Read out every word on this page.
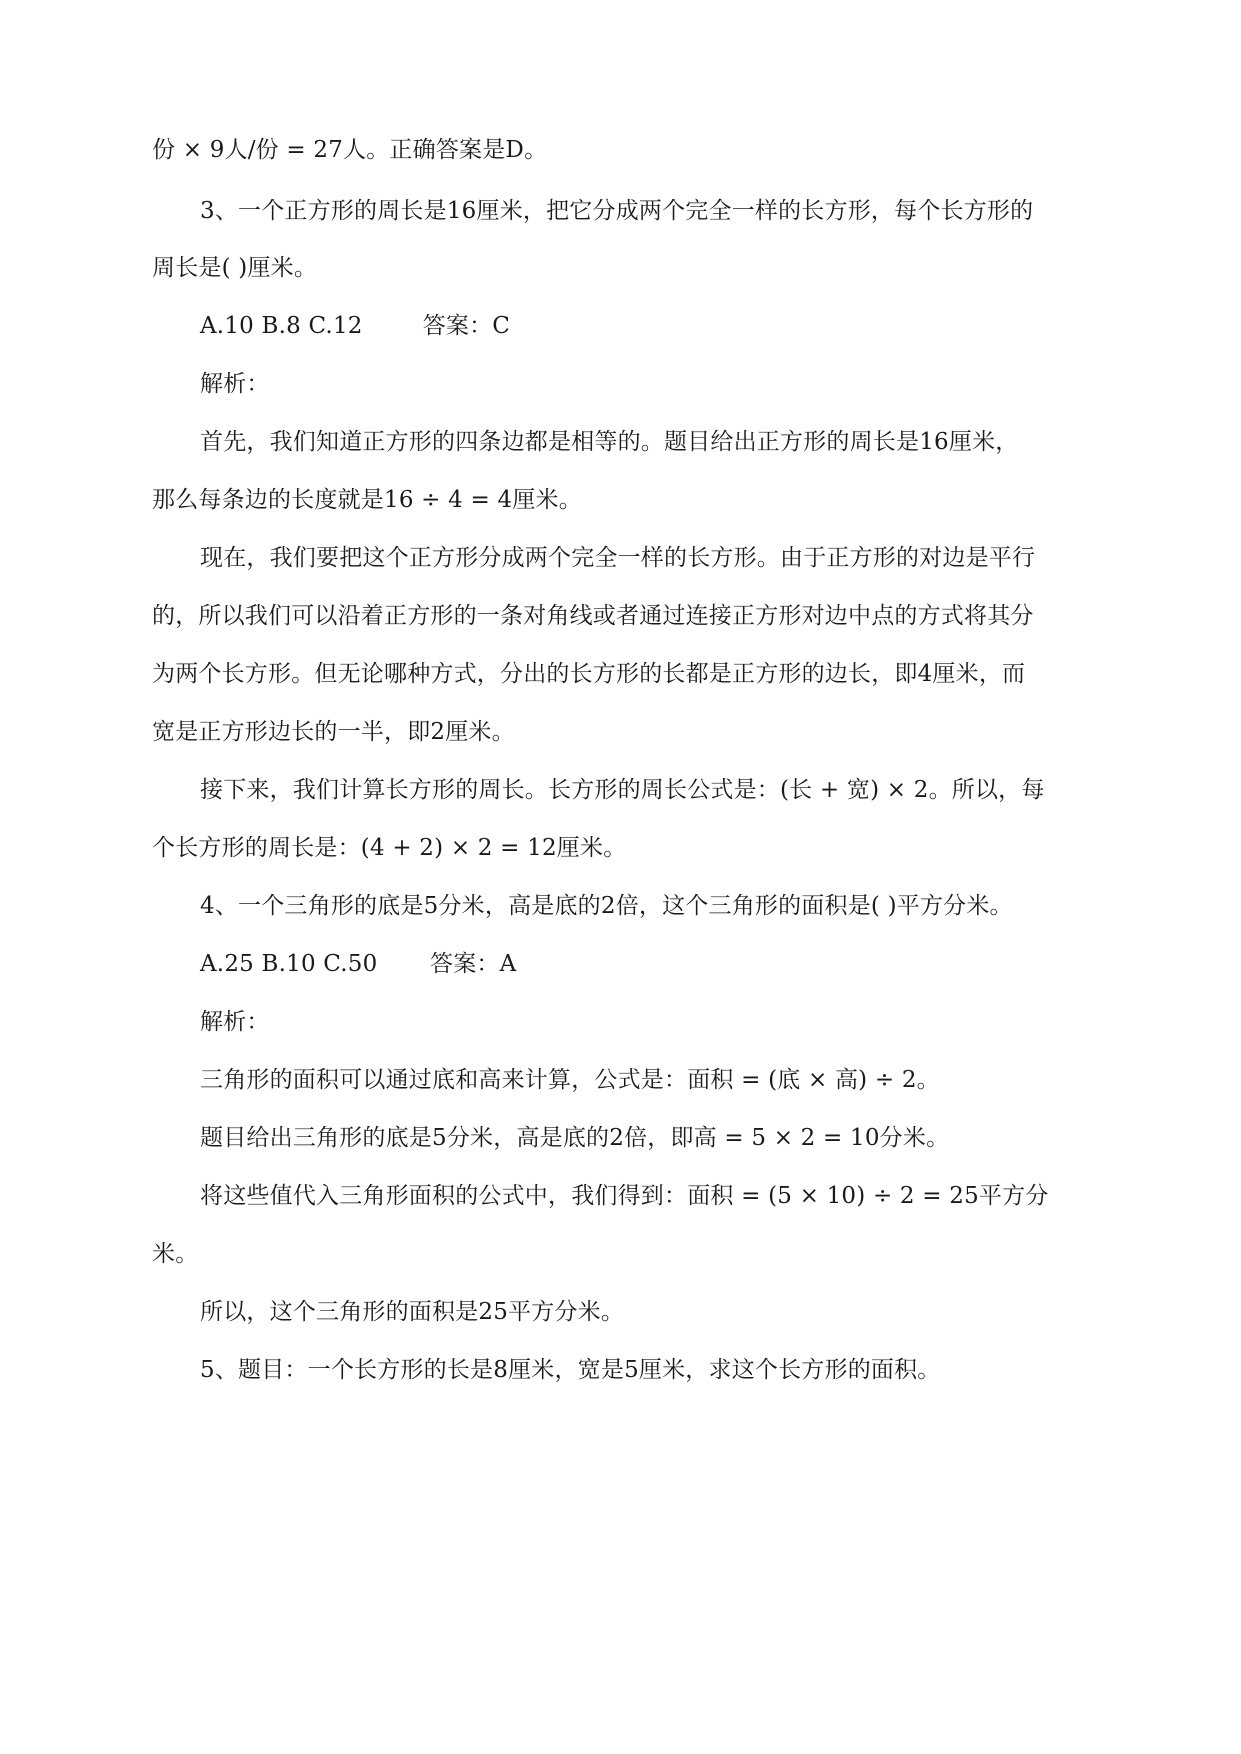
份 × 9人/份 = 27人。正确答案是D。
3、一个正方形的周长是16厘米，把它分成两个完全一样的长方形，每个长方形的
周长是( )厘米。
A.10 B.8 C.12        答案：C
解析：
首先，我们知道正方形的四条边都是相等的。题目给出正方形的周长是16厘米，
那么每条边的长度就是16 ÷ 4 = 4厘米。
现在，我们要把这个正方形分成两个完全一样的长方形。由于正方形的对边是平行
的，所以我们可以沿着正方形的一条对角线或者通过连接正方形对边中点的方式将其分
为两个长方形。但无论哪种方式，分出的长方形的长都是正方形的边长，即4厘米，而
宽是正方形边长的一半，即2厘米。
接下来，我们计算长方形的周长。长方形的周长公式是：(长 + 宽) × 2。所以，每
个长方形的周长是：(4 + 2) × 2 = 12厘米。
4、一个三角形的底是5分米，高是底的2倍，这个三角形的面积是( )平方分米。
A.25 B.10 C.50       答案：A
解析：
三角形的面积可以通过底和高来计算，公式是：面积 = (底 × 高) ÷ 2。
题目给出三角形的底是5分米，高是底的2倍，即高 = 5 × 2 = 10分米。
将这些值代入三角形面积的公式中，我们得到：面积 = (5 × 10) ÷ 2 = 25平方分
米。
所以，这个三角形的面积是25平方分米。
5、题目：一个长方形的长是8厘米，宽是5厘米，求这个长方形的面积。
